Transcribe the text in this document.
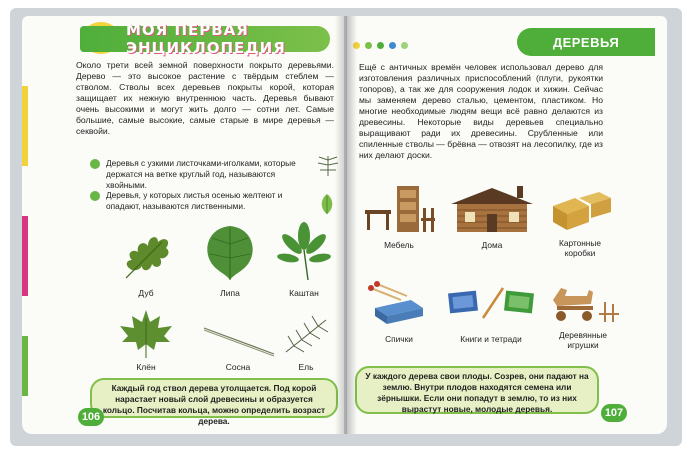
МОЯ ПЕРВАЯ ЭНЦИКЛОПЕДИЯ
Около трети всей земной поверхности покрыто деревьями. Дерево — это высокое растение с твёрдым стеблем — стволом. Стволы всех деревьев покрыты корой, которая защищает их нежную внутреннюю часть. Деревья бывают очень высокими и могут жить долго — сотни лет. Самые большие, самые высокие, самые старые в мире деревья — секвойи.
Деревья с узкими листочками-иголками, которые держатся на ветке круглый год, называются хвойными.
Деревья, у которых листья осенью желтеют и опадают, называются лиственными.
Дуб	Липа	Каштан
Клён	Сосна	Ель
Каждый год ствол дерева утолщается. Под корой нарастает новый слой древесины и образуется кольцо. Посчитав кольца, можно определить возраст дерева.
106
ДЕРЕВЬЯ
Ещё с античных времён человек использовал дерево для изготовления различных приспособлений (плуги, рукоятки топоров), а так же для сооружения лодок и хижин. Сейчас мы заменяем дерево сталью, цементом, пластиком. Но многие необходимые людям вещи всё равно делаются из древесины. Некоторые виды деревьев специально выращивают ради их древесины. Срубленные или спиленные стволы — брёвна — отвозят на лесопилку, где из них делают доски.
Мебель	Дома	Картонные коробки
Спички	Книги и тетради	Деревянные игрушки
У каждого дерева свои плоды. Созрев, они падают на землю. Внутри плодов находятся семена или зёрнышки. Если они попадут в землю, то из них вырастут новые, молодые деревья.	107
